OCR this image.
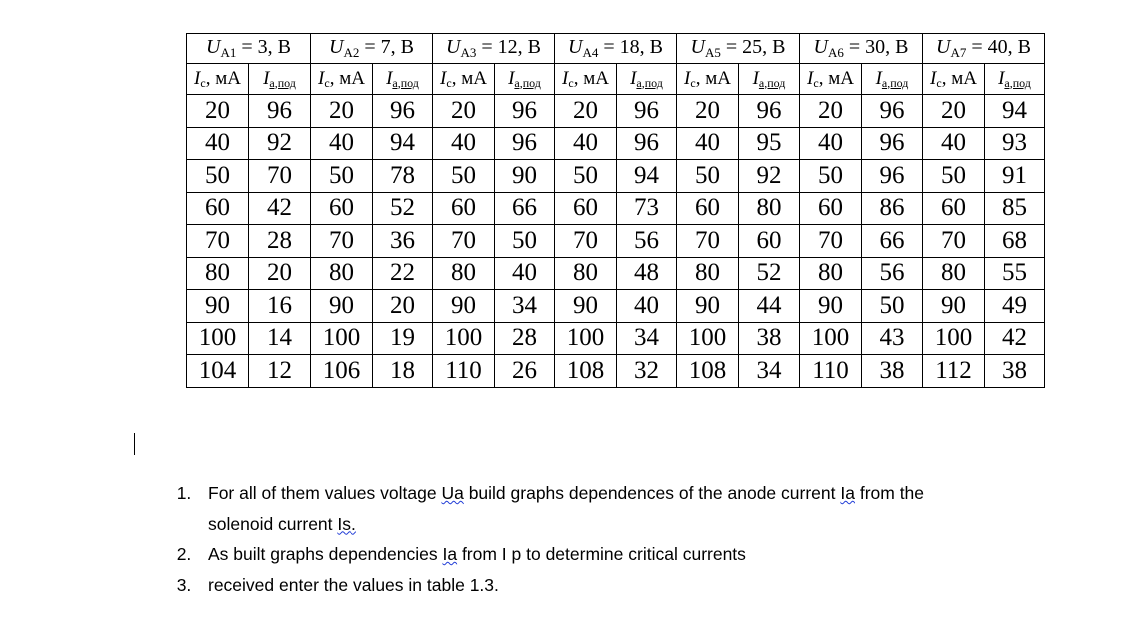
$U_{A1} = 3$, В		$U_{A2} = 7$, В		$U_{A3} = 12$, В		$U_{A4} = 18$, В		$U_{A5} = 25$, В		$U_{A6} = 30$, В		$U_{A7} = 40$, В	
Ic, мА	Iа,под	Ic, мА	Iа,под	Ic, мА	Iа,под	Ic, мА	Iа,под	Ic, мА	Iа,под	Ic, мА	Iа,под	Ic, мА	Iа,под
20	96	20	96	20	96	20	96	20	96	20	96	20	94
40	92	40	94	40	96	40	96	40	95	40	96	40	93
50	70	50	78	50	90	50	94	50	92	50	96	50	91
60	42	60	52	60	66	60	73	60	80	60	86	60	85
70	28	70	36	70	50	70	56	70	60	70	66	70	68
80	20	80	22	80	40	80	48	80	52	80	56	80	55
90	16	90	20	90	34	90	40	90	44	90	50	90	49
100	14	100	19	100	28	100	34	100	38	100	43	100	42
104	12	106	18	110	26	108	32	108	34	110	38	112	38
1. For all of them values voltage Ua build graphs dependences of the anode current Ia from the
solenoid current Is.
2. As built graphs dependencies Ia from I p to determine critical currents
3. received enter the values in table 1.3.
